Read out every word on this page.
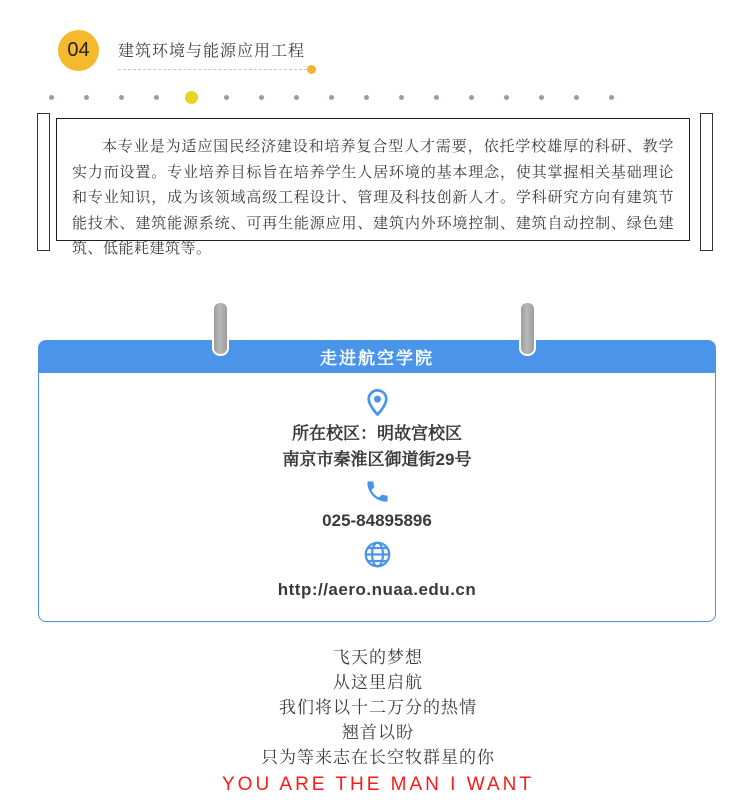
04	建筑环境与能源应用工程

本专业是为适应国民经济建设和培养复合型人才需要，依托学校雄厚的科研、教学实力而设置。专业培养目标旨在培养学生人居环境的基本理念，使其掌握相关基础理论和专业知识，成为该领域高级工程设计、管理及科技创新人才。学科研究方向有建筑节能技术、建筑能源系统、可再生能源应用、建筑内外环境控制、建筑自动控制、绿色建筑、低能耗建筑等。

走进航空学院

所在校区：明故宫校区

南京市秦淮区御道街29号

025-84895896

http://aero.nuaa.edu.cn

飞天的梦想

从这里启航

我们将以十二万分的热情

翘首以盼

只为等来志在长空牧群星的你

YOU ARE THE MAN I WANT
